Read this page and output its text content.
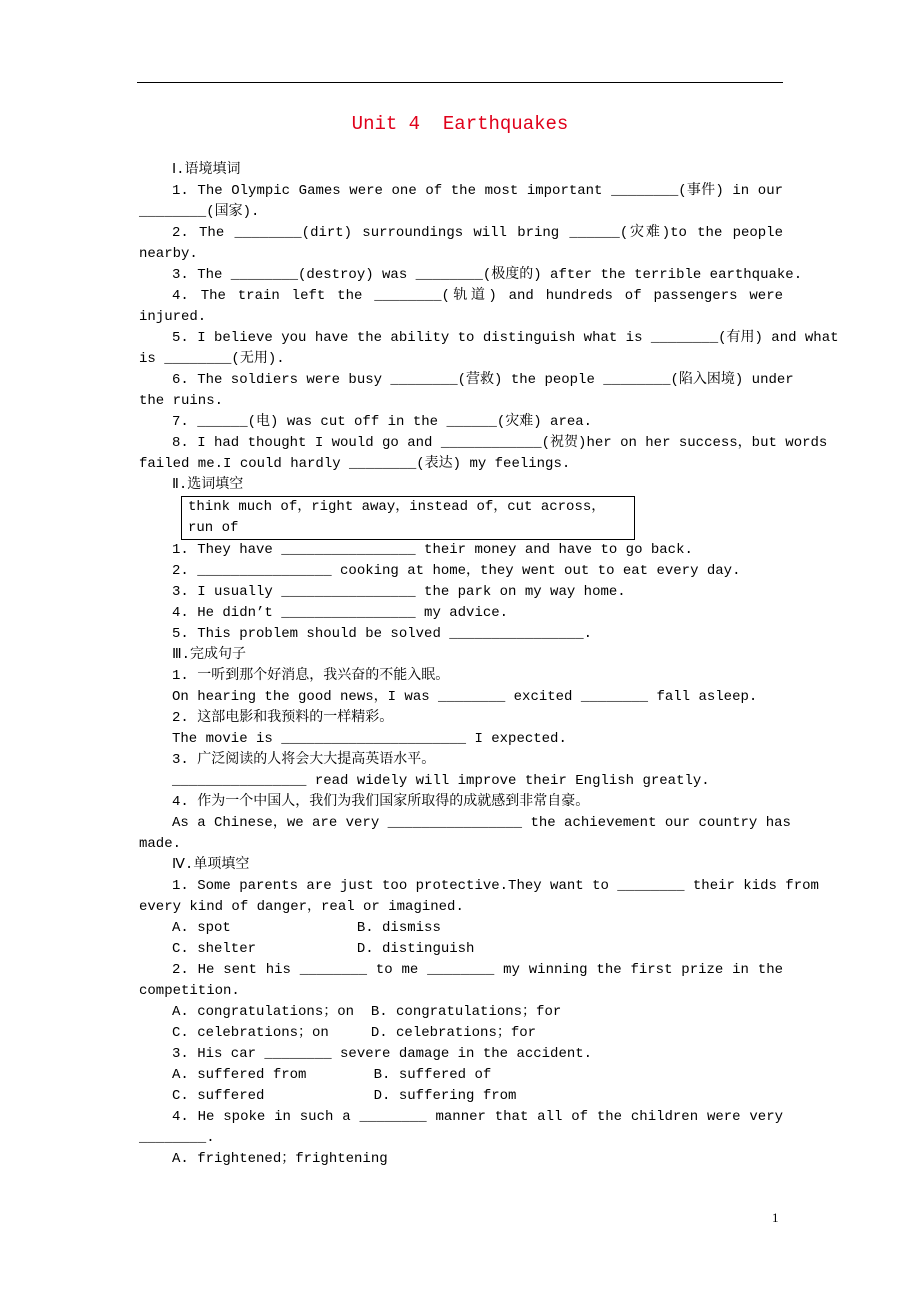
Unit 4  Earthquakes
Ⅰ.语境填词
1. The Olympic Games were one of the most important ________(事件) in our
________(国家).
2. The ________(dirt) surroundings will bring ______(灾难)to the people
nearby.
3. The ________(destroy) was ________(极度的) after the terrible earthquake.
4. The train left the ________(轨道) and hundreds of passengers were
injured.
5. I believe you have the ability to distinguish what is ________(有用) and what
is ________(无用).
6. The soldiers were busy ________(营救) the people ________(陷入困境) under
the ruins.
7. ______(电) was cut off in the ______(灾难) area.
8. I had thought I would go and ____________(祝贺)her on her success，but words
failed me.I could hardly ________(表达) my feelings.
Ⅱ.选词填空
think much of，right away，instead of，cut across，run of
1. They have ________________ their money and have to go back.
2. ________________ cooking at home，they went out to eat every day.
3. I usually ________________ the park on my way home.
4. He didn’t ________________ my advice.
5. This problem should be solved ________________.
Ⅲ.完成句子
1. 一听到那个好消息，我兴奋的不能入眠。
On hearing the good news，I was ________ excited ________ fall asleep.
2. 这部电影和我预料的一样精彩。
The movie is ______________________ I expected.
3. 广泛阅读的人将会大大提高英语水平。
________________ read widely will improve their English greatly.
4. 作为一个中国人，我们为我们国家所取得的成就感到非常自豪。
As a Chinese，we are very ________________ the achievement our country has
made.
Ⅳ.单项填空
1. Some parents are just too protective.They want to ________ their kids from
every kind of danger，real or imagined.
A. spot               B. dismiss
C. shelter            D. distinguish
2. He sent his ________ to me ________ my winning the first prize in the
competition.
A. congratulations；on  B. congratulations；for
C. celebrations；on     D. celebrations；for
3. His car ________ severe damage in the accident.
A. suffered from        B. suffered of
C. suffered             D. suffering from
4. He spoke in such a ________ manner that all of the children were very
________.
A. frightened；frightening
1
